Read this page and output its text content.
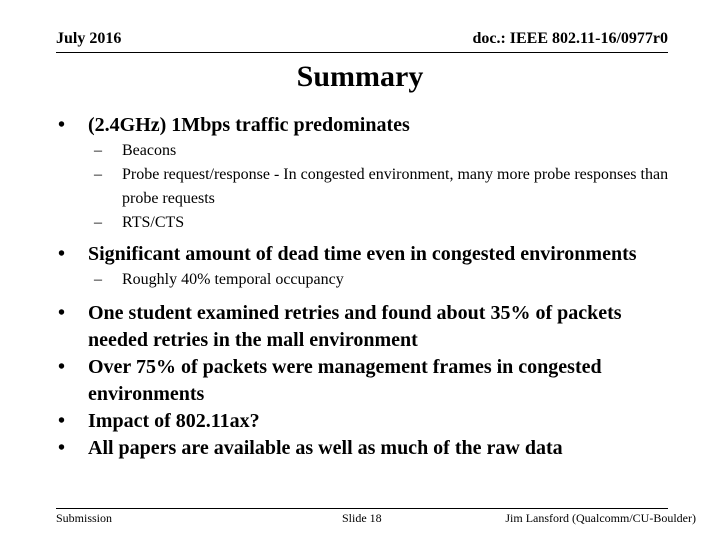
July 2016	doc.: IEEE 802.11-16/0977r0
Summary
• (2.4GHz) 1Mbps traffic predominates
– Beacons
– Probe request/response - In congested environment, many more probe responses than probe requests
– RTS/CTS
• Significant amount of dead time even in congested environments
– Roughly 40% temporal occupancy
• One student examined retries and found about 35% of packets needed retries in the mall environment
• Over 75% of packets were management frames in congested environments
• Impact of 802.11ax?
• All papers are available as well as much of the raw data
Submission	Slide 18	Jim Lansford (Qualcomm/CU-Boulder)
